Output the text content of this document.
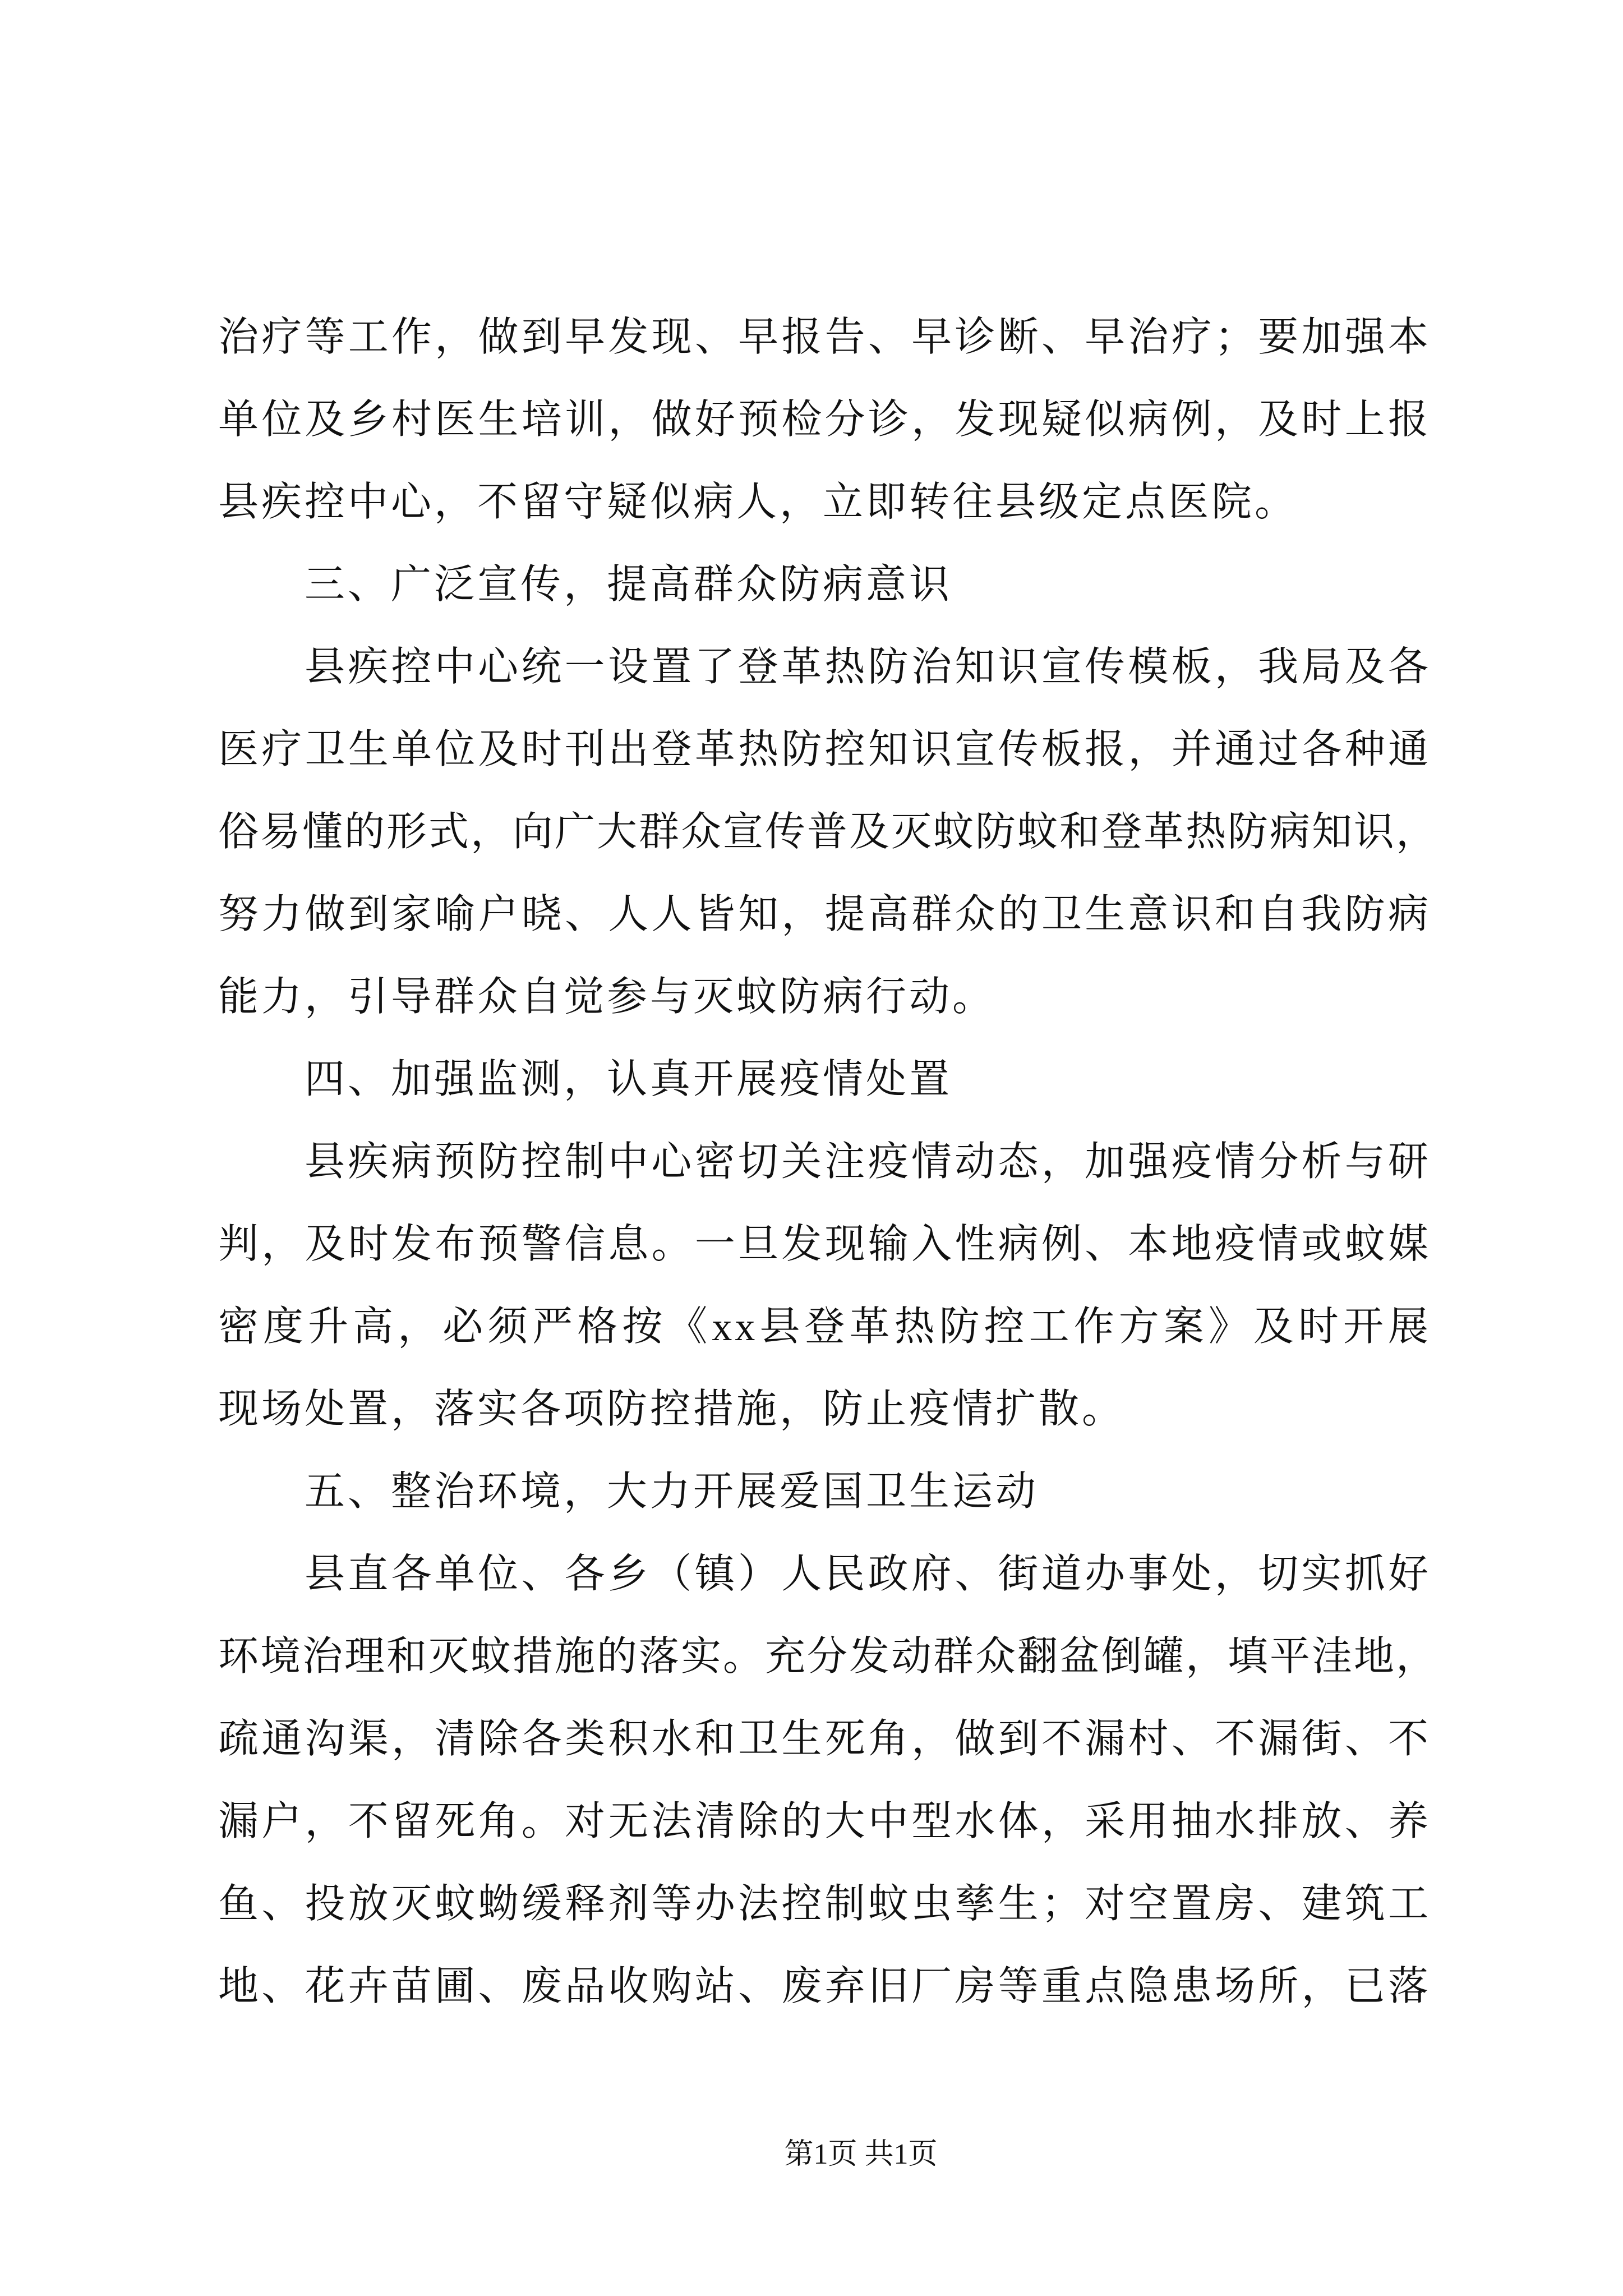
治疗等工作，做到早发现、早报告、早诊断、早治疗；要加强本
单位及乡村医生培训，做好预检分诊，发现疑似病例，及时上报
县疾控中心，不留守疑似病人，立即转往县级定点医院。
三、广泛宣传，提高群众防病意识
县疾控中心统一设置了登革热防治知识宣传模板，我局及各
医疗卫生单位及时刊出登革热防控知识宣传板报，并通过各种通
俗易懂的形式，向广大群众宣传普及灭蚊防蚊和登革热防病知识，
努力做到家喻户晓、人人皆知，提高群众的卫生意识和自我防病
能力，引导群众自觉参与灭蚊防病行动。
四、加强监测，认真开展疫情处置
县疾病预防控制中心密切关注疫情动态，加强疫情分析与研
判，及时发布预警信息。一旦发现输入性病例、本地疫情或蚊媒
密度升高，必须严格按《xx县登革热防控工作方案》及时开展
现场处置，落实各项防控措施，防止疫情扩散。
五、整治环境，大力开展爱国卫生运动
县直各单位、各乡（镇）人民政府、街道办事处，切实抓好
环境治理和灭蚊措施的落实。充分发动群众翻盆倒罐，填平洼地，
疏通沟渠，清除各类积水和卫生死角，做到不漏村、不漏街、不
漏户，不留死角。对无法清除的大中型水体，采用抽水排放、养
鱼、投放灭蚊蚴缓释剂等办法控制蚊虫孳生；对空置房、建筑工
地、花卉苗圃、废品收购站、废弃旧厂房等重点隐患场所，已落
第1页 共1页
